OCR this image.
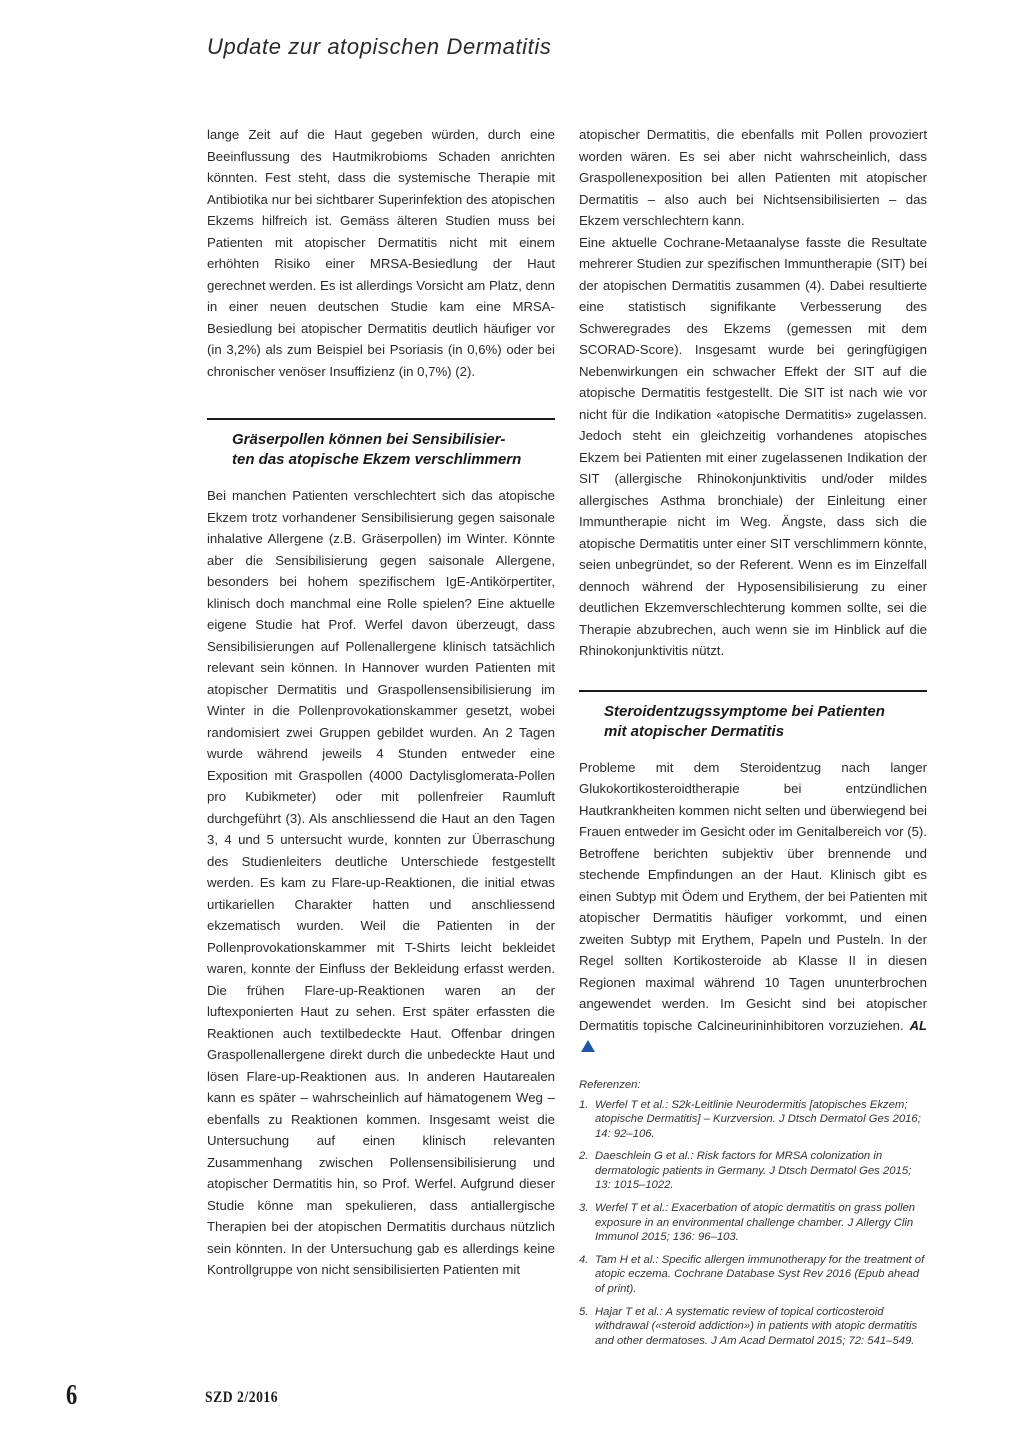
Update zur atopischen Dermatitis

lange Zeit auf die Haut gegeben würden, durch eine Beeinflussung des Hautmikrobioms Schaden anrichten könnten. Fest steht, dass die systemische Therapie mit Antibiotika nur bei sichtbarer Superinfektion des atopischen Ekzems hilfreich ist. Gemäss älteren Studien muss bei Patienten mit atopischer Dermatitis nicht mit einem erhöhten Risiko einer MRSA-Besiedlung der Haut gerechnet werden. Es ist allerdings Vorsicht am Platz, denn in einer neuen deutschen Studie kam eine MRSA-Besiedlung bei atopischer Dermatitis deutlich häufiger vor (in 3,2%) als zum Beispiel bei Psoriasis (in 0,6%) oder bei chronischer venöser Insuffizienz (in 0,7%) (2).

Gräserpollen können bei Sensibilisier-
ten das atopische Ekzem verschlimmern

Bei manchen Patienten verschlechtert sich das atopische Ekzem trotz vorhandener Sensibilisierung gegen saisonale inhalative Allergene (z.B. Gräserpollen) im Winter. Könnte aber die Sensibilisierung gegen saisonale Allergene, besonders bei hohem spezifischem IgE-Antikörpertiter, klinisch doch manchmal eine Rolle spielen? Eine aktuelle eigene Studie hat Prof. Werfel davon überzeugt, dass Sensibilisierungen auf Pollenallergene klinisch tatsächlich relevant sein können. In Hannover wurden Patienten mit atopischer Dermatitis und Graspollensensibilisierung im Winter in die Pollenprovokationskammer gesetzt, wobei randomisiert zwei Gruppen gebildet wurden. An 2 Tagen wurde während jeweils 4 Stunden entweder eine Exposition mit Graspollen (4000 Dactylisglomerata-Pollen pro Kubikmeter) oder mit pollenfreier Raumluft durchgeführt (3). Als anschliessend die Haut an den Tagen 3, 4 und 5 untersucht wurde, konnten zur Überraschung des Studienleiters deutliche Unterschiede festgestellt werden. Es kam zu Flare-up-Reaktionen, die initial etwas urtikariellen Charakter hatten und anschliessend ekzematisch wurden. Weil die Patienten in der Pollenprovokationskammer mit T-Shirts leicht bekleidet waren, konnte der Einfluss der Bekleidung erfasst werden. Die frühen Flare-up-Reaktionen waren an der luftexponierten Haut zu sehen. Erst später erfassten die Reaktionen auch textilbedeckte Haut. Offenbar dringen Graspollenallergene direkt durch die unbedeckte Haut und lösen Flare-up-Reaktionen aus. In anderen Hautarealen kann es später – wahrscheinlich auf hämatogenem Weg – ebenfalls zu Reaktionen kommen. Insgesamt weist die Untersuchung auf einen klinisch relevanten Zusammenhang zwischen Pollensensibilisierung und atopischer Dermatitis hin, so Prof. Werfel. Aufgrund dieser Studie könne man spekulieren, dass antiallergische Therapien bei der atopischen Dermatitis durchaus nützlich sein könnten. In der Untersuchung gab es allerdings keine Kontrollgruppe von nicht sensibilisierten Patienten mit

atopischer Dermatitis, die ebenfalls mit Pollen provoziert worden wären. Es sei aber nicht wahrscheinlich, dass Graspollenexposition bei allen Patienten mit atopischer Dermatitis – also auch bei Nichtsensibilisierten – das Ekzem verschlechtern kann.

Eine aktuelle Cochrane-Metaanalyse fasste die Resultate mehrerer Studien zur spezifischen Immuntherapie (SIT) bei der atopischen Dermatitis zusammen (4). Dabei resultierte eine statistisch signifikante Verbesserung des Schweregrades des Ekzems (gemessen mit dem SCORAD-Score). Insgesamt wurde bei geringfügigen Nebenwirkungen ein schwacher Effekt der SIT auf die atopische Dermatitis festgestellt. Die SIT ist nach wie vor nicht für die Indikation «atopische Dermatitis» zugelassen. Jedoch steht ein gleichzeitig vorhandenes atopisches Ekzem bei Patienten mit einer zugelassenen Indikation der SIT (allergische Rhinokonjunktivitis und/oder mildes allergisches Asthma bronchiale) der Einleitung einer Immuntherapie nicht im Weg. Ängste, dass sich die atopische Dermatitis unter einer SIT verschlimmern könnte, seien unbegründet, so der Referent. Wenn es im Einzelfall dennoch während der Hyposensibilisierung zu einer deutlichen Ekzemverschlechterung kommen sollte, sei die Therapie abzubrechen, auch wenn sie im Hinblick auf die Rhinokonjunktivitis nützt.

Steroidentzugssymptome bei Patienten
mit atopischer Dermatitis

Probleme mit dem Steroidentzug nach langer Glukokortikosteroidtherapie bei entzündlichen Hautkrankheiten kommen nicht selten und überwiegend bei Frauen entweder im Gesicht oder im Genitalbereich vor (5). Betroffene berichten subjektiv über brennende und stechende Empfindungen an der Haut. Klinisch gibt es einen Subtyp mit Ödem und Erythem, der bei Patienten mit atopischer Dermatitis häufiger vorkommt, und einen zweiten Subtyp mit Erythem, Papeln und Pusteln. In der Regel sollten Kortikosteroide ab Klasse II in diesen Regionen maximal während 10 Tagen ununterbrochen angewendet werden. Im Gesicht sind bei atopischer Dermatitis topische Calcineurininhibitoren vorzuziehen. AL

Referenzen:
1. Werfel T et al.: S2k-Leitlinie Neurodermitis [atopisches Ekzem; atopische Dermatitis] – Kurzversion. J Dtsch Dermatol Ges 2016; 14: 92–106.
2. Daeschlein G et al.: Risk factors for MRSA colonization in dermatologic patients in Germany. J Dtsch Dermatol Ges 2015; 13: 1015–1022.
3. Werfel T et al.: Exacerbation of atopic dermatitis on grass pollen exposure in an environmental challenge chamber. J Allergy Clin Immunol 2015; 136: 96–103.
4. Tam H et al.: Specific allergen immunotherapy for the treatment of atopic eczema. Cochrane Database Syst Rev 2016 (Epub ahead of print).
5. Hajar T et al.: A systematic review of topical corticosteroid withdrawal («steroid addiction») in patients with atopic dermatitis and other dermatoses. J Am Acad Dermatol 2015; 72: 541–549.
6	SZD 2/2016
